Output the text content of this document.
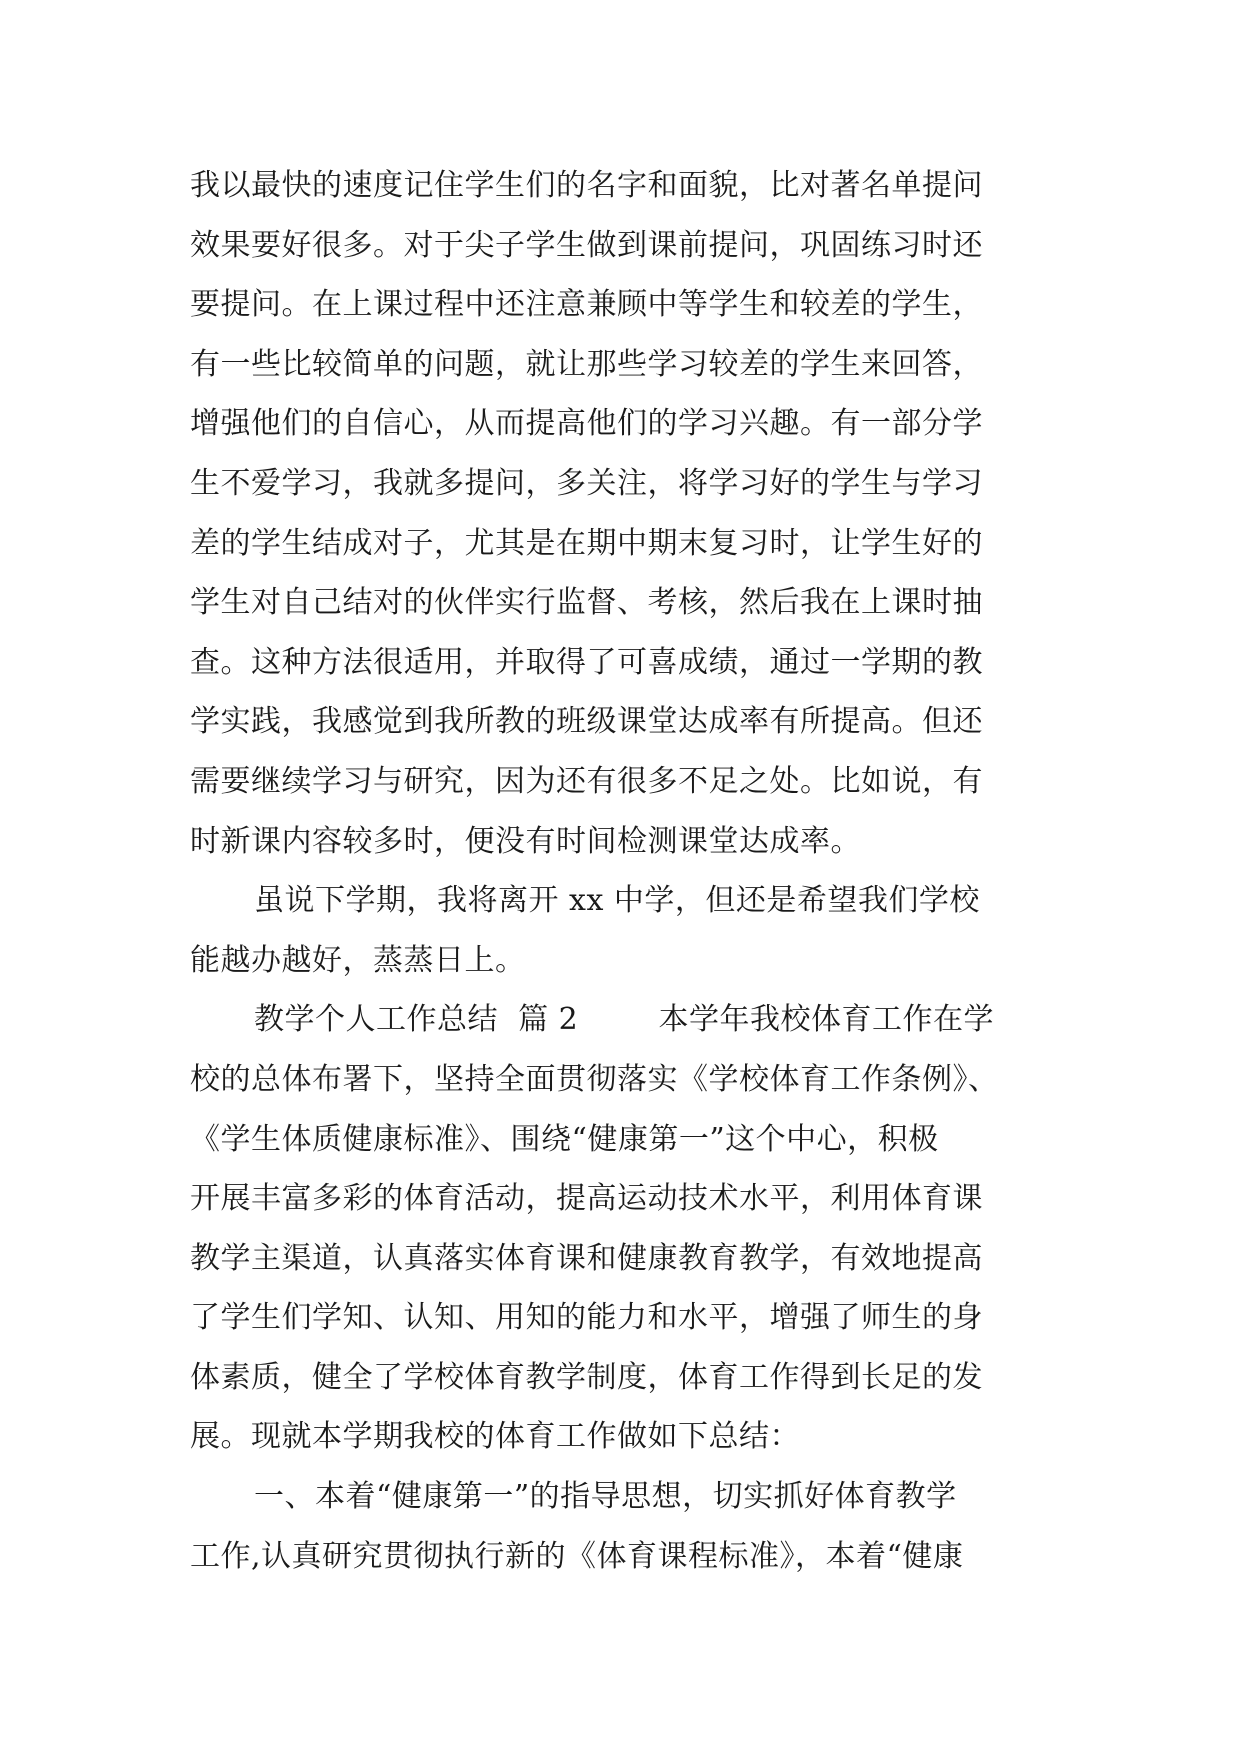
我以最快的速度记住学生们的名字和面貌，比对著名单提问
效果要好很多。对于尖子学生做到课前提问，巩固练习时还
要提问。在上课过程中还注意兼顾中等学生和较差的学生，
有一些比较简单的问题，就让那些学习较差的学生来回答，
增强他们的自信心，从而提高他们的学习兴趣。有一部分学
生不爱学习，我就多提问，多关注，将学习好的学生与学习
差的学生结成对子，尤其是在期中期末复习时，让学生好的
学生对自己结对的伙伴实行监督、考核，然后我在上课时抽
查。这种方法很适用，并取得了可喜成绩，通过一学期的教
学实践，我感觉到我所教的班级课堂达成率有所提高。但还
需要继续学习与研究，因为还有很多不足之处。比如说，有
时新课内容较多时，便没有时间检测课堂达成率。
虽说下学期，我将离开 xx 中学，但还是希望我们学校
能越办越好，蒸蒸日上。
教学个人工作总结  篇 2        本学年我校体育工作在学
校的总体布署下，坚持全面贯彻落实《学校体育工作条例》、
《学生体质健康标准》、围绕“健康第一”这个中心，积极
开展丰富多彩的体育活动，提高运动技术水平，利用体育课
教学主渠道，认真落实体育课和健康教育教学，有效地提高
了学生们学知、认知、用知的能力和水平，增强了师生的身
体素质，健全了学校体育教学制度，体育工作得到长足的发
展。现就本学期我校的体育工作做如下总结：
一、本着“健康第一”的指导思想，切实抓好体育教学
工作,认真研究贯彻执行新的《体育课程标准》，本着“健康
